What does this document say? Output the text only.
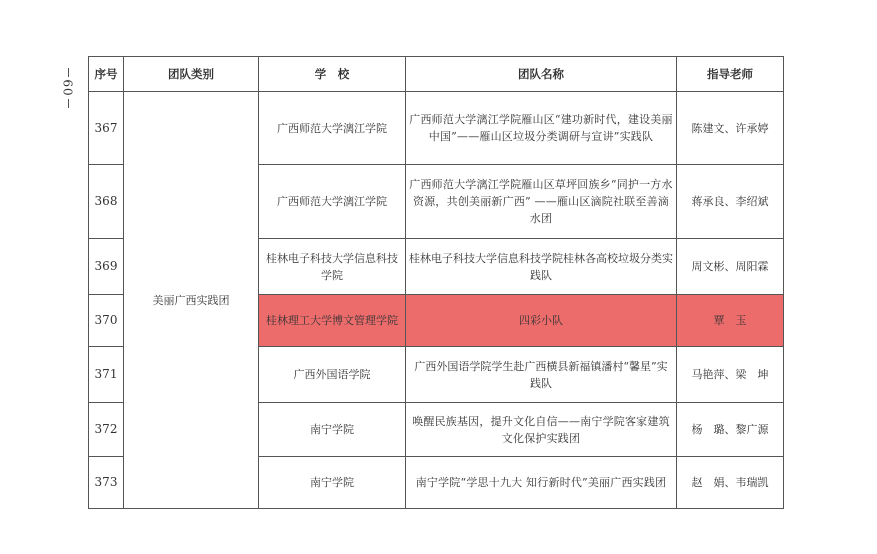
60
序号	团队类别	学　校	团队名称	指导老师
367	美丽广西实践团	广西师范大学漓江学院	广西师范大学漓江学院雁山区“建功新时代，建设美丽中国”——雁山区垃圾分类调研与宣讲”实践队	陈建文、许承婷
368		广西师范大学漓江学院	广西师范大学漓江学院雁山区草坪回族乡“同护一方水资源，共创美丽新广西” ——雁山区滴院社联至善滴水团	蒋承良、李绍斌
369		桂林电子科技大学信息科技学院	桂林电子科技大学信息科技学院桂林各高校垃圾分类实践队	周文彬、周阳霖
370		桂林理工大学博文管理学院	四彩小队	覃　玉
371		广西外国语学院	广西外国语学院学生赴广西横县新福镇潘村“馨星”实践队	马艳萍、梁　坤
372		南宁学院	唤醒民族基因，提升文化自信——南宁学院客家建筑文化保护实践团	杨　璐、黎广源
373		南宁学院	南宁学院“学思十九大 知行新时代”美丽广西实践团	赵　娟、韦瑞凯
